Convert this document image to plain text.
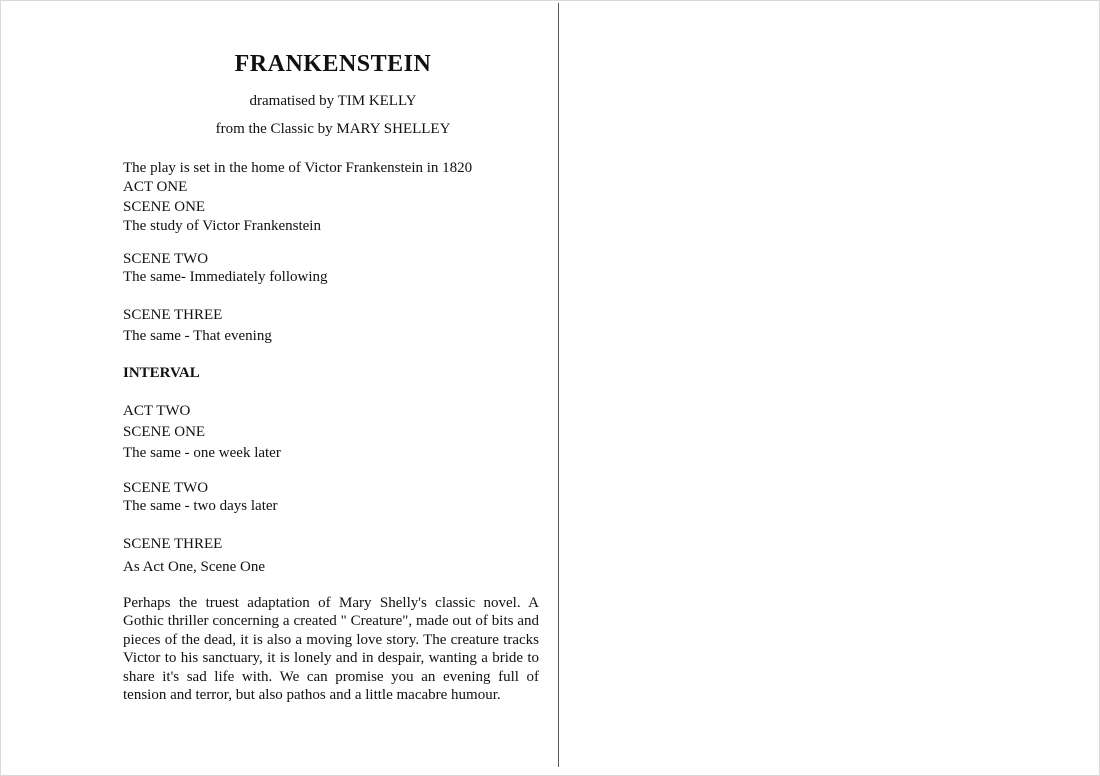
FRANKENSTEIN
dramatised by TIM KELLY
from the Classic by MARY SHELLEY
The play is set in the home of Victor Frankenstein in 1820
ACT ONE
SCENE ONE
The study of Victor Frankenstein
SCENE TWO
The same- Immediately following
SCENE THREE
The same - That evening
INTERVAL
ACT TWO
SCENE ONE
The same - one week later
SCENE TWO
The same - two days later
SCENE THREE
As Act One, Scene One
Perhaps the truest adaptation of Mary Shelly's classic novel. A Gothic thriller concerning a created " Creature", made out of bits and pieces of the dead, it is also a moving love story. The creature tracks Victor to his sanctuary, it is lonely and in despair, wanting a bride to share it's sad life with. We can promise you an evening full of tension and terror, but also pathos and a little macabre humour.
